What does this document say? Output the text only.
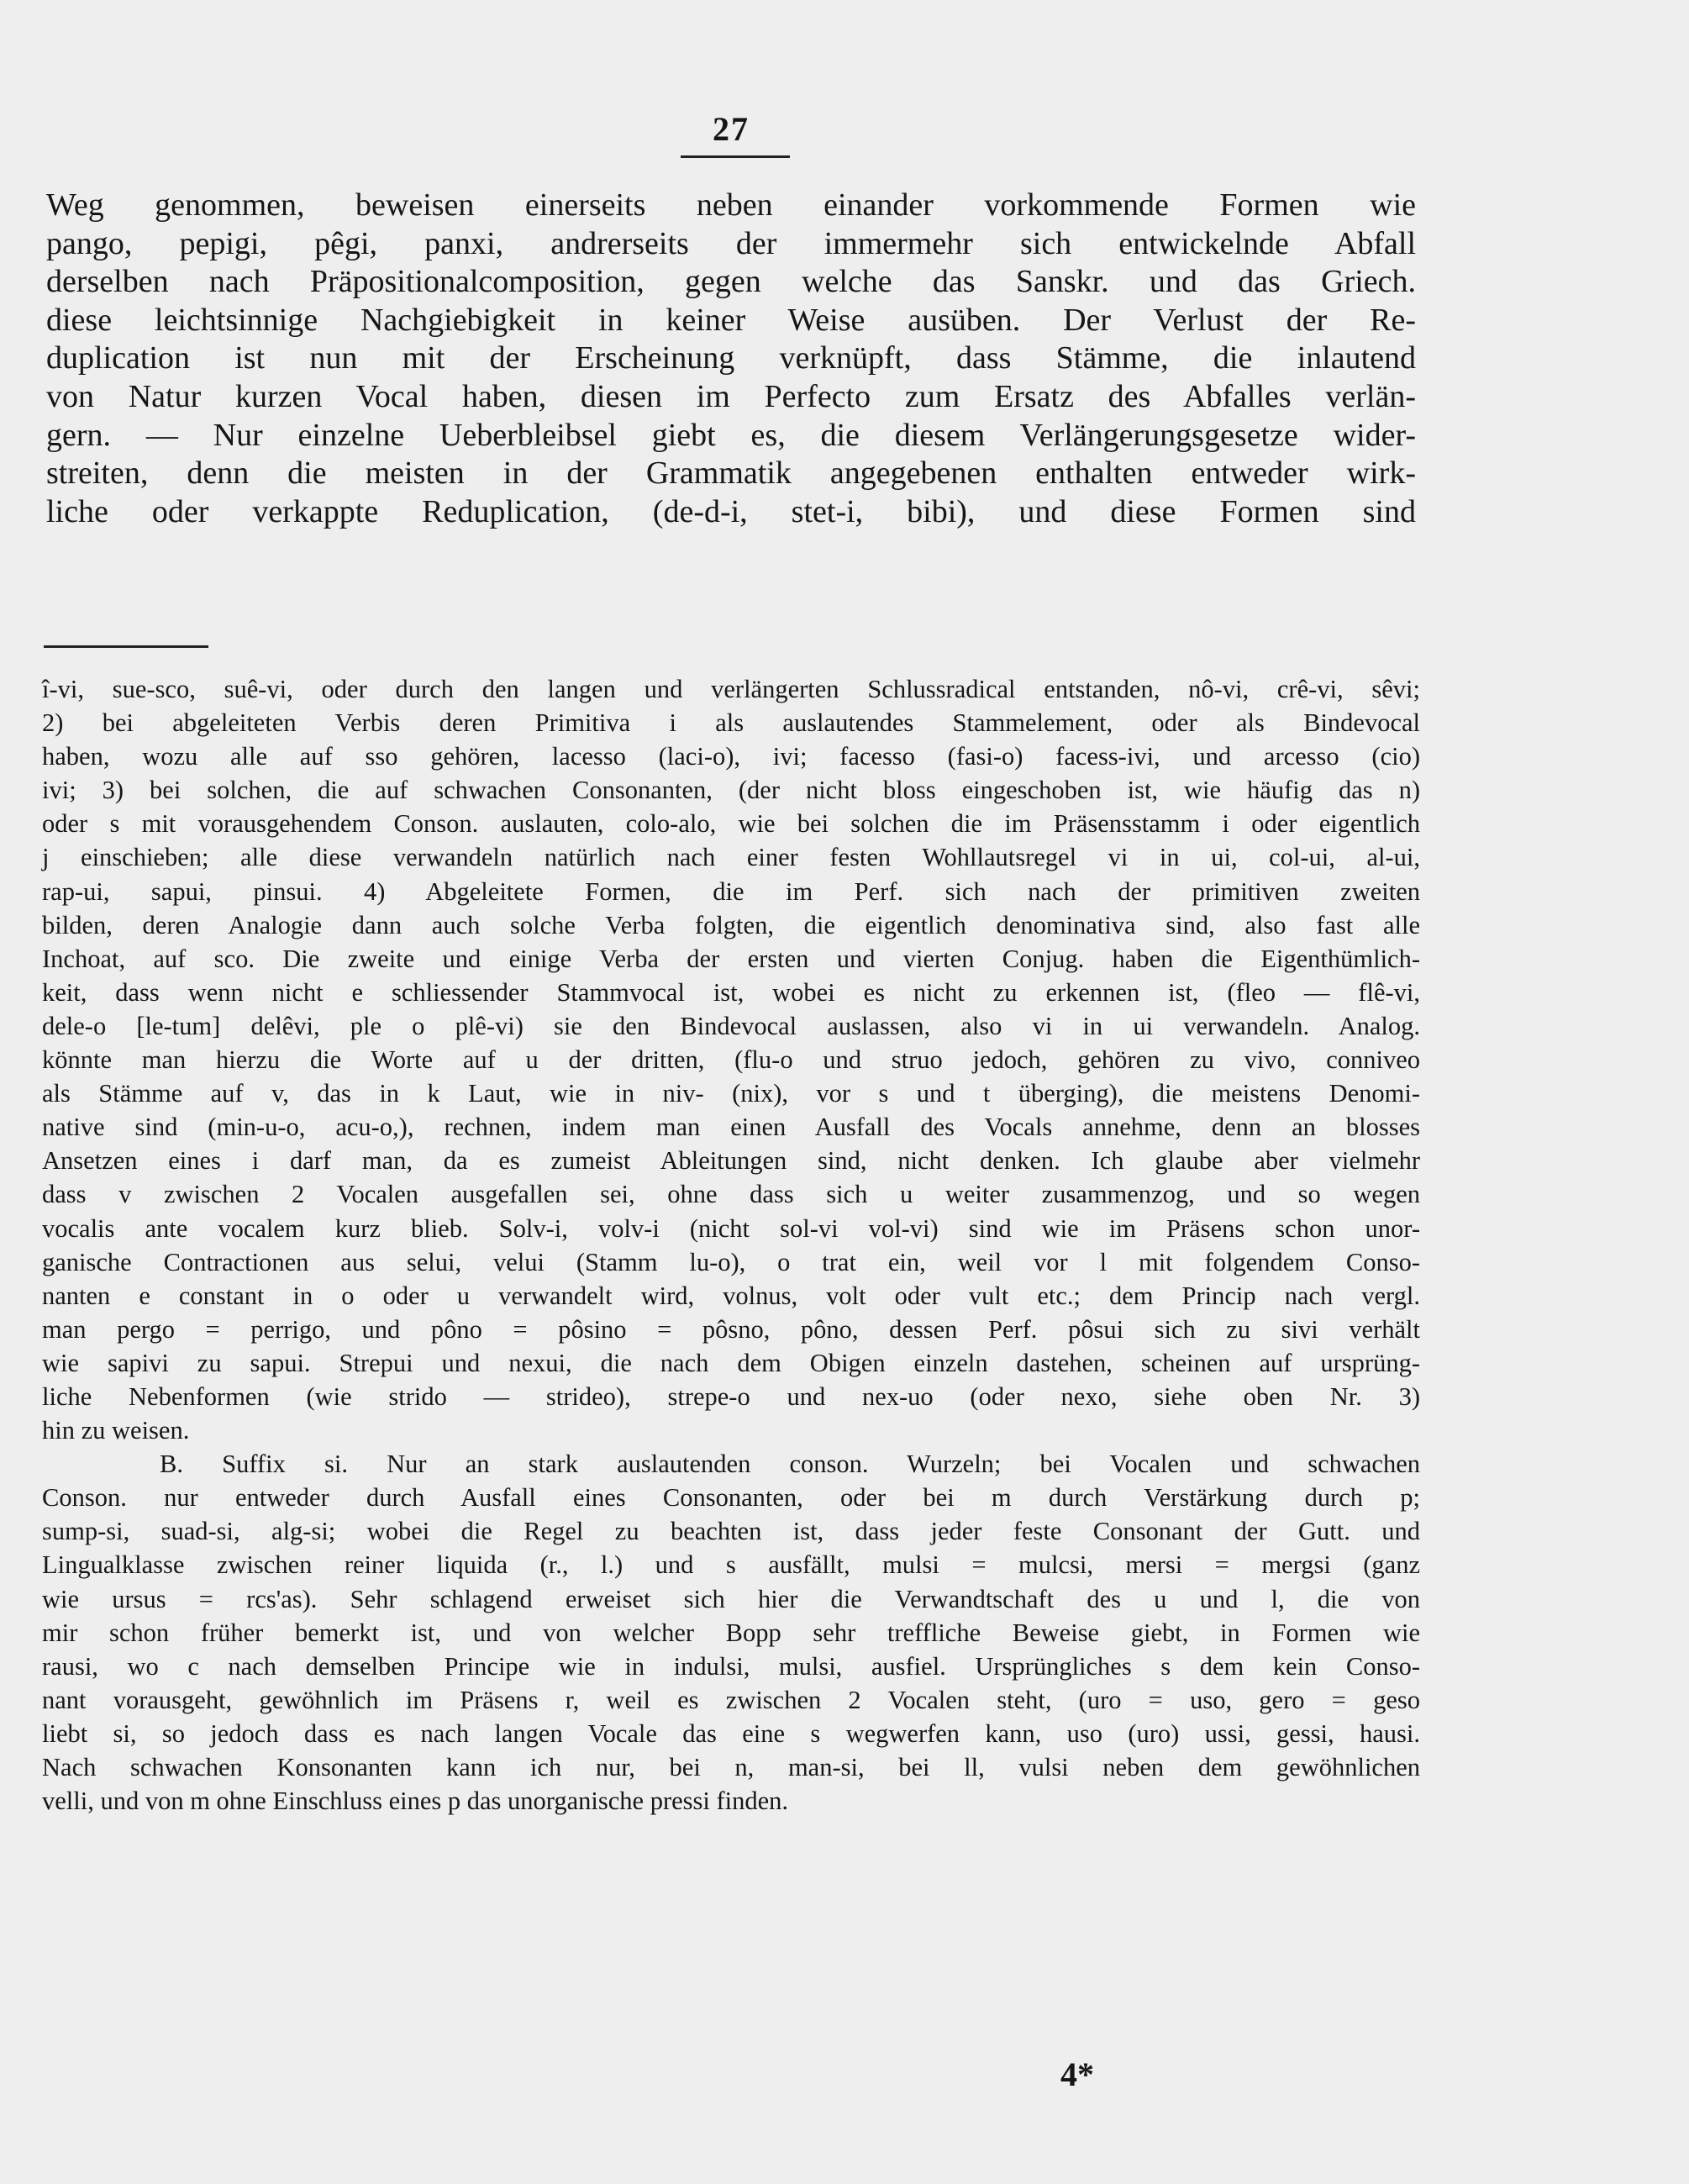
27
Weg genommen, beweisen einerseits neben einander vorkommende Formen wie
pango, pepigi, pêgi, panxi, andrerseits der immermehr sich entwickelnde Abfall
derselben nach Präpositionalcomposition, gegen welche das Sanskr. und das Griech.
diese leichtsinnige Nachgiebigkeit in keiner Weise ausüben. Der Verlust der Re-
duplication ist nun mit der Erscheinung verknüpft, dass Stämme, die inlautend
von Natur kurzen Vocal haben, diesen im Perfecto zum Ersatz des Abfalles verlän-
gern. — Nur einzelne Ueberbleibsel giebt es, die diesem Verlängerungsgesetze wider-
streiten, denn die meisten in der Grammatik angegebenen enthalten entweder wirk-
liche oder verkappte Reduplication, (de-d-i, stet-i, bibi), und diese Formen sind
î-vi, sue-sco, suê-vi, oder durch den langen und verlängerten Schlussradical entstanden, nô-vi, crê-vi, sêvi;
2) bei abgeleiteten Verbis deren Primitiva i als auslautendes Stammelement, oder als Bindevocal
haben, wozu alle auf sso gehören, lacesso (laci-o), ivi; facesso (fasi-o) facess-ivi, und arcesso (cio)
ivi; 3) bei solchen, die auf schwachen Consonanten, (der nicht bloss eingeschoben ist, wie häufig das n)
oder s mit vorausgehendem Conson. auslauten, colo-alo, wie bei solchen die im Präsensstamm i oder eigentlich
j einschieben; alle diese verwandeln natürlich nach einer festen Wohllautsregel vi in ui, col-ui, al-ui,
rap-ui, sapui, pinsui. 4) Abgeleitete Formen, die im Perf. sich nach der primitiven zweiten
bilden, deren Analogie dann auch solche Verba folgten, die eigentlich denominativa sind, also fast alle
Inchoat, auf sco. Die zweite und einige Verba der ersten und vierten Conjug. haben die Eigenthümlich-
keit, dass wenn nicht e schliessender Stammvocal ist, wobei es nicht zu erkennen ist, (fleo — flê-vi,
dele-o [le-tum] delêvi, ple o plê-vi) sie den Bindevocal auslassen, also vi in ui verwandeln. Analog.
könnte man hierzu die Worte auf u der dritten, (flu-o und struo jedoch, gehören zu vivo, conniveo
als Stämme auf v, das in k Laut, wie in niv- (nix), vor s und t überging), die meistens Denomi-
native sind (min-u-o, acu-o,), rechnen, indem man einen Ausfall des Vocals annehme, denn an blosses
Ansetzen eines i darf man, da es zumeist Ableitungen sind, nicht denken. Ich glaube aber vielmehr
dass v zwischen 2 Vocalen ausgefallen sei, ohne dass sich u weiter zusammenzog, und so wegen
vocalis ante vocalem kurz blieb. Solv-i, volv-i (nicht sol-vi vol-vi) sind wie im Präsens schon unor-
ganische Contractionen aus selui, velui (Stamm lu-o), o trat ein, weil vor l mit folgendem Conso-
nanten e constant in o oder u verwandelt wird, volnus, volt oder vult etc.; dem Princip nach vergl.
man pergo = perrigo, und pôno = pôsino = pôsno, pôno, dessen Perf. pôsui sich zu sivi verhält
wie sapivi zu sapui. Strepui und nexui, die nach dem Obigen einzeln dastehen, scheinen auf ursprüng-
liche Nebenformen (wie strido — strideo), strepe-o und nex-uo (oder nexo, siehe oben Nr. 3)
hin zu weisen.
B. Suffix si. Nur an stark auslautenden conson. Wurzeln; bei Vocalen und schwachen
Conson. nur entweder durch Ausfall eines Consonanten, oder bei m durch Verstärkung durch p;
sump-si, suad-si, alg-si; wobei die Regel zu beachten ist, dass jeder feste Consonant der Gutt. und
Lingualklasse zwischen reiner liquida (r., l.) und s ausfällt, mulsi = mulcsi, mersi = mergsi (ganz
wie ursus = rcs'as). Sehr schlagend erweiset sich hier die Verwandtschaft des u und l, die von
mir schon früher bemerkt ist, und von welcher Bopp sehr treffliche Beweise giebt, in Formen wie
rausi, wo c nach demselben Principe wie in indulsi, mulsi, ausfiel. Ursprüngliches s dem kein Conso-
nant vorausgeht, gewöhnlich im Präsens r, weil es zwischen 2 Vocalen steht, (uro = uso, gero = geso
liebt si, so jedoch dass es nach langen Vocale das eine s wegwerfen kann, uso (uro) ussi, gessi, hausi.
Nach schwachen Konsonanten kann ich nur, bei n, man-si, bei ll, vulsi neben dem gewöhnlichen
velli, und von m ohne Einschluss eines p das unorganische pressi finden.
4*
